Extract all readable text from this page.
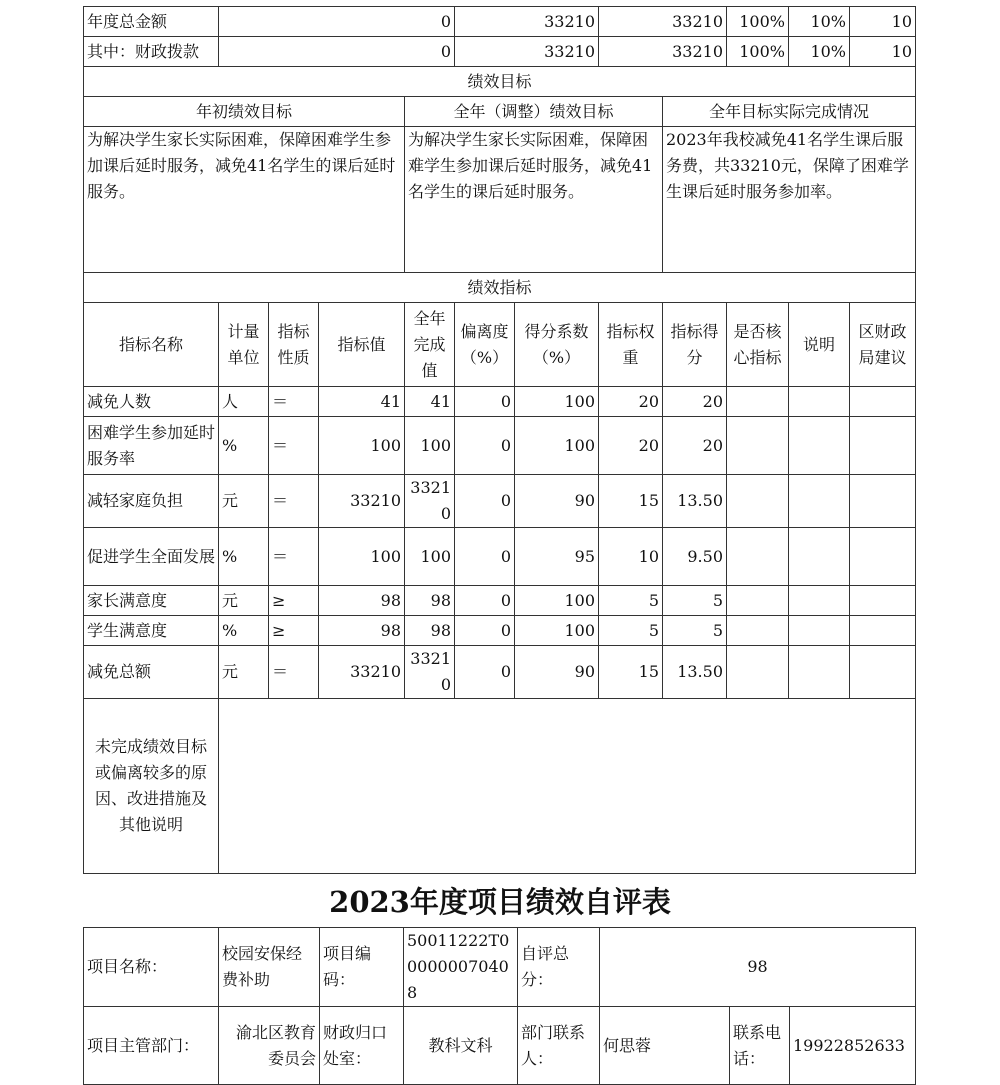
年度总金额	0				33210		33210		100%	10%	10
其中：财政拨款	0				33210		33210		100%	10%	10
绩效目标											
年初绩效目标				全年（调整）绩效目标				全年目标实际完成情况			
为解决学生家长实际困难，保障困难学生参加课后延时服务，减免41名学生的课后延时服务。				为解决学生家长实际困难，保障困难学生参加课后延时服务，减免41名学生的课后延时服务。				2023年我校减免41名学生课后服务费，共33210元，保障了困难学生课后延时服务参加率。			
绩效指标											
指标名称	计量单位	指标性质	指标值	全年完成值	偏离度（%）	得分系数（%）	指标权重	指标得分	是否核心指标	说明	区财政局建议
减免人数	人	＝	41	41	0	100	20	20			
困难学生参加延时服务率	%	＝	100	100	0	100	20	20			
减轻家庭负担	元	＝	33210	33210	0	90	15	13.50			
促进学生全面发展	%	＝	100	100	0	95	10	9.50			
家长满意度	元	≥	98	98	0	100	5	5			
学生满意度	%	≥	98	98	0	100	5	5			
减免总额	元	＝	33210	33210	0	90	15	13.50			
未完成绩效目标或偏离较多的原因、改进措施及其他说明											
2023年度项目绩效自评表
项目名称：	校园安保经费补助	项目编码：	50011222T000000070408	自评总分：	98		
项目主管部门：	渝北区教育委员会	财政归口处室：	教科文科	部门联系人：	何思蓉	联系电话：	19922852633
